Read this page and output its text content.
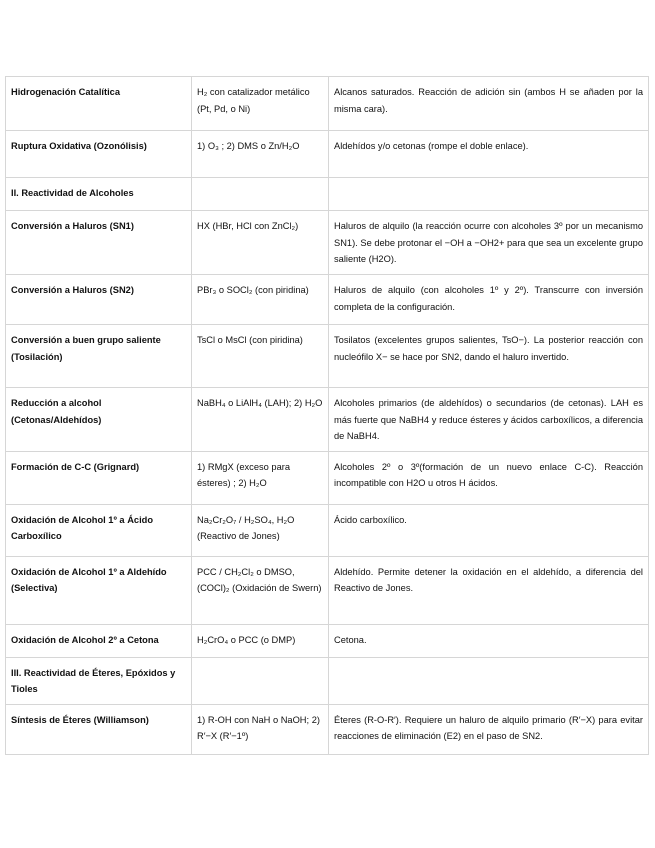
Hidrogenación Catalítica	H₂ con catalizador metálico (Pt, Pd, o Ni)	Alcanos saturados. Reacción de adición sin (ambos H se añaden por la misma cara).
Ruptura Oxidativa (Ozonólisis)	1) O₃ ; 2) DMS o Zn/H₂O	Aldehídos y/o cetonas (rompe el doble enlace).
II. Reactividad de Alcoholes		
Conversión a Haluros (SN1)	HX (HBr, HCl con ZnCl₂)	Haluros de alquilo (la reacción ocurre con alcoholes 3º por un mecanismo SN1). Se debe protonar el −OH a −OH2+ para que sea un excelente grupo saliente (H2O).
Conversión a Haluros (SN2)	PBr₃ o SOCl₂ (con piridina)	Haluros de alquilo (con alcoholes 1º y 2º). Transcurre con inversión completa de la configuración.
Conversión a buen grupo saliente (Tosilación)	TsCl o MsCl (con piridina)	Tosilatos (excelentes grupos salientes, TsO−). La posterior reacción con nucleófilo X− se hace por SN2, dando el haluro invertido.
Reducción a alcohol (Cetonas/Aldehídos)	NaBH₄ o LiAlH₄ (LAH); 2) H₂O	Alcoholes primarios (de aldehídos) o secundarios (de cetonas). LAH es más fuerte que NaBH4 y reduce ésteres y ácidos carboxílicos, a diferencia de NaBH4.
Formación de C-C (Grignard)	1) RMgX (exceso para ésteres) ; 2) H₂O	Alcoholes 2º o 3º(formación de un nuevo enlace C-C). Reacción incompatible con H2O u otros H ácidos.
Oxidación de Alcohol 1º a Ácido Carboxílico	Na₂Cr₂O₇ / H₂SO₄, H₂O (Reactivo de Jones)	Ácido carboxílico.
Oxidación de Alcohol 1º a Aldehído (Selectiva)	PCC / CH₂Cl₂ o DMSO, (COCl)₂ (Oxidación de Swern)	Aldehído. Permite detener la oxidación en el aldehído, a diferencia del Reactivo de Jones.
Oxidación de Alcohol 2º a Cetona	H₂CrO₄ o PCC (o DMP)	Cetona.
III. Reactividad de Éteres, Epóxidos y Tioles		
Síntesis de Éteres (Williamson)	1) R-OH con NaH o NaOH; 2) R′−X (R′−1º)	Éteres (R-O-R′). Requiere un haluro de alquilo primario (R′−X) para evitar reacciones de eliminación (E2) en el paso de SN2.
